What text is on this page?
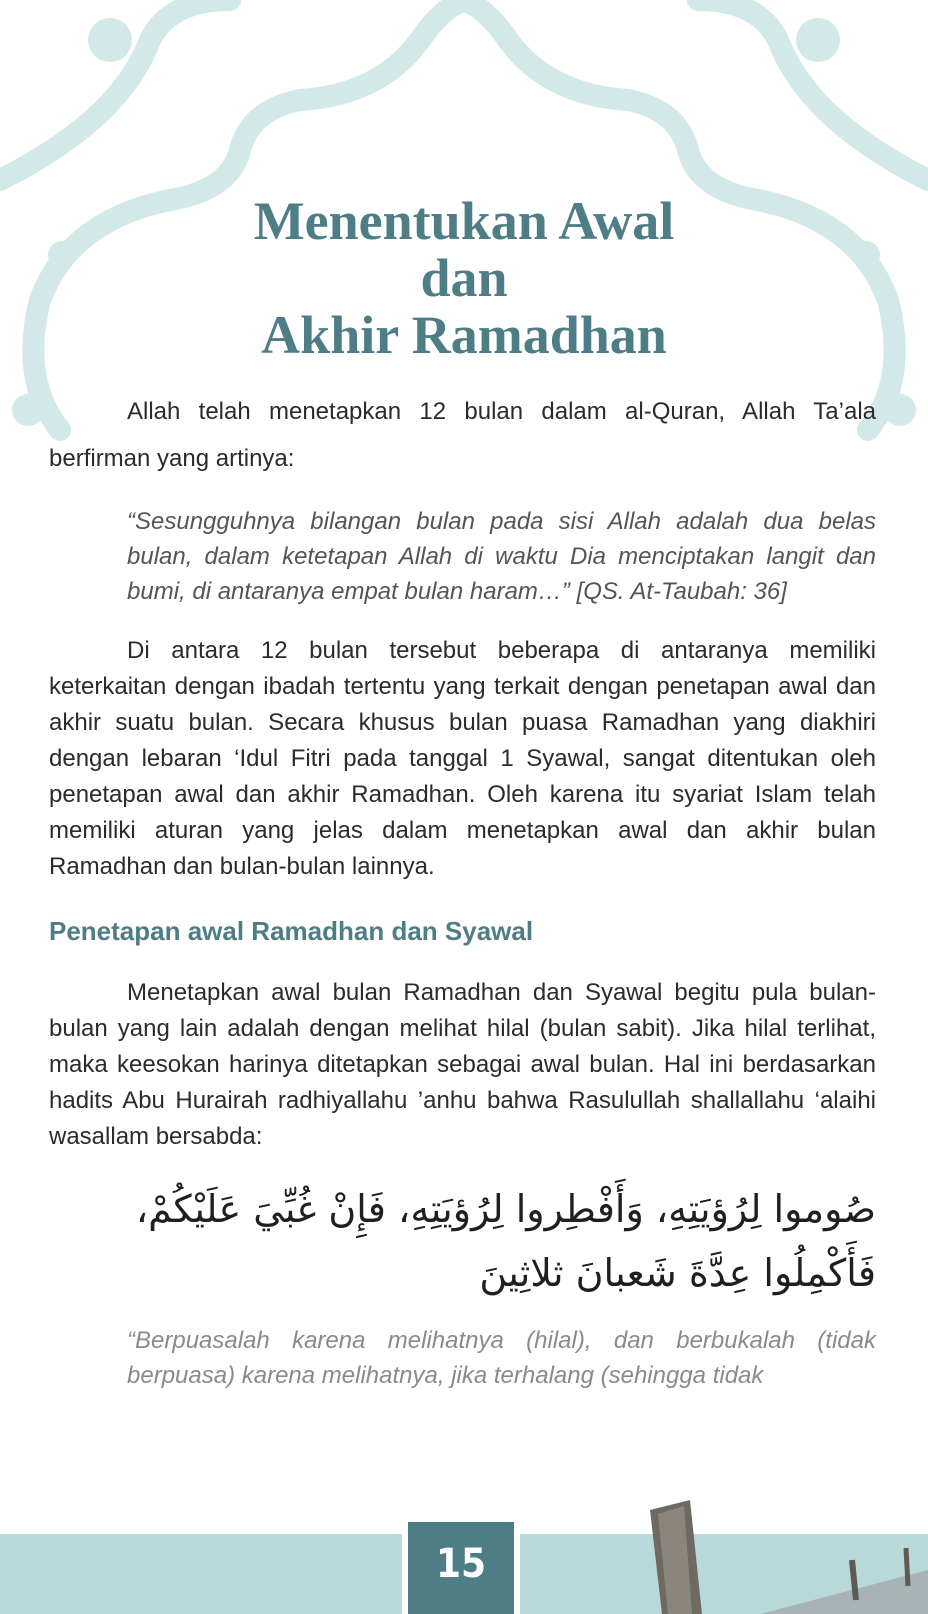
Menentukan Awal
dan
Akhir Ramadhan

Allah telah menetapkan 12 bulan dalam al-Quran, Allah Ta’ala berfirman yang artinya:

“Sesungguhnya bilangan bulan pada sisi Allah adalah dua belas bulan, dalam ketetapan Allah di waktu Dia menciptakan langit dan bumi, di antaranya empat bulan haram…” [QS. At-Taubah: 36]

Di antara 12 bulan tersebut beberapa di antaranya memiliki keterkaitan dengan ibadah tertentu yang terkait dengan penetapan awal dan akhir suatu bulan. Secara khusus bulan puasa Ramadhan yang diakhiri dengan lebaran ‘Idul Fitri pada tanggal 1 Syawal, sangat ditentukan oleh penetapan awal dan akhir Ramadhan. Oleh karena itu syariat Islam telah memiliki aturan yang jelas dalam menetapkan awal dan akhir bulan Ramadhan dan bulan-bulan lainnya.

Penetapan awal Ramadhan dan Syawal

Menetapkan awal bulan Ramadhan dan Syawal begitu pula bulan-bulan yang lain adalah dengan melihat hilal (bulan sabit). Jika hilal terlihat, maka keesokan harinya ditetapkan sebagai awal bulan. Hal ini berdasarkan hadits Abu Hurairah radhiyallahu ’anhu bahwa Rasulullah shallallahu ‘alaihi wasallam bersabda:

صُوموا لِرُؤيَتِهِ، وَأَفْطِروا لِرُؤيَتِهِ، فَإِنْ غُبِّيَ عَلَيْكُمْ، فَأَكْمِلُوا عِدَّةَ شَعبانَ ثلاثِينَ

“Berpuasalah karena melihatnya (hilal), dan berbukalah (tidak berpuasa) karena melihatnya, jika terhalang (sehingga tidak

15
